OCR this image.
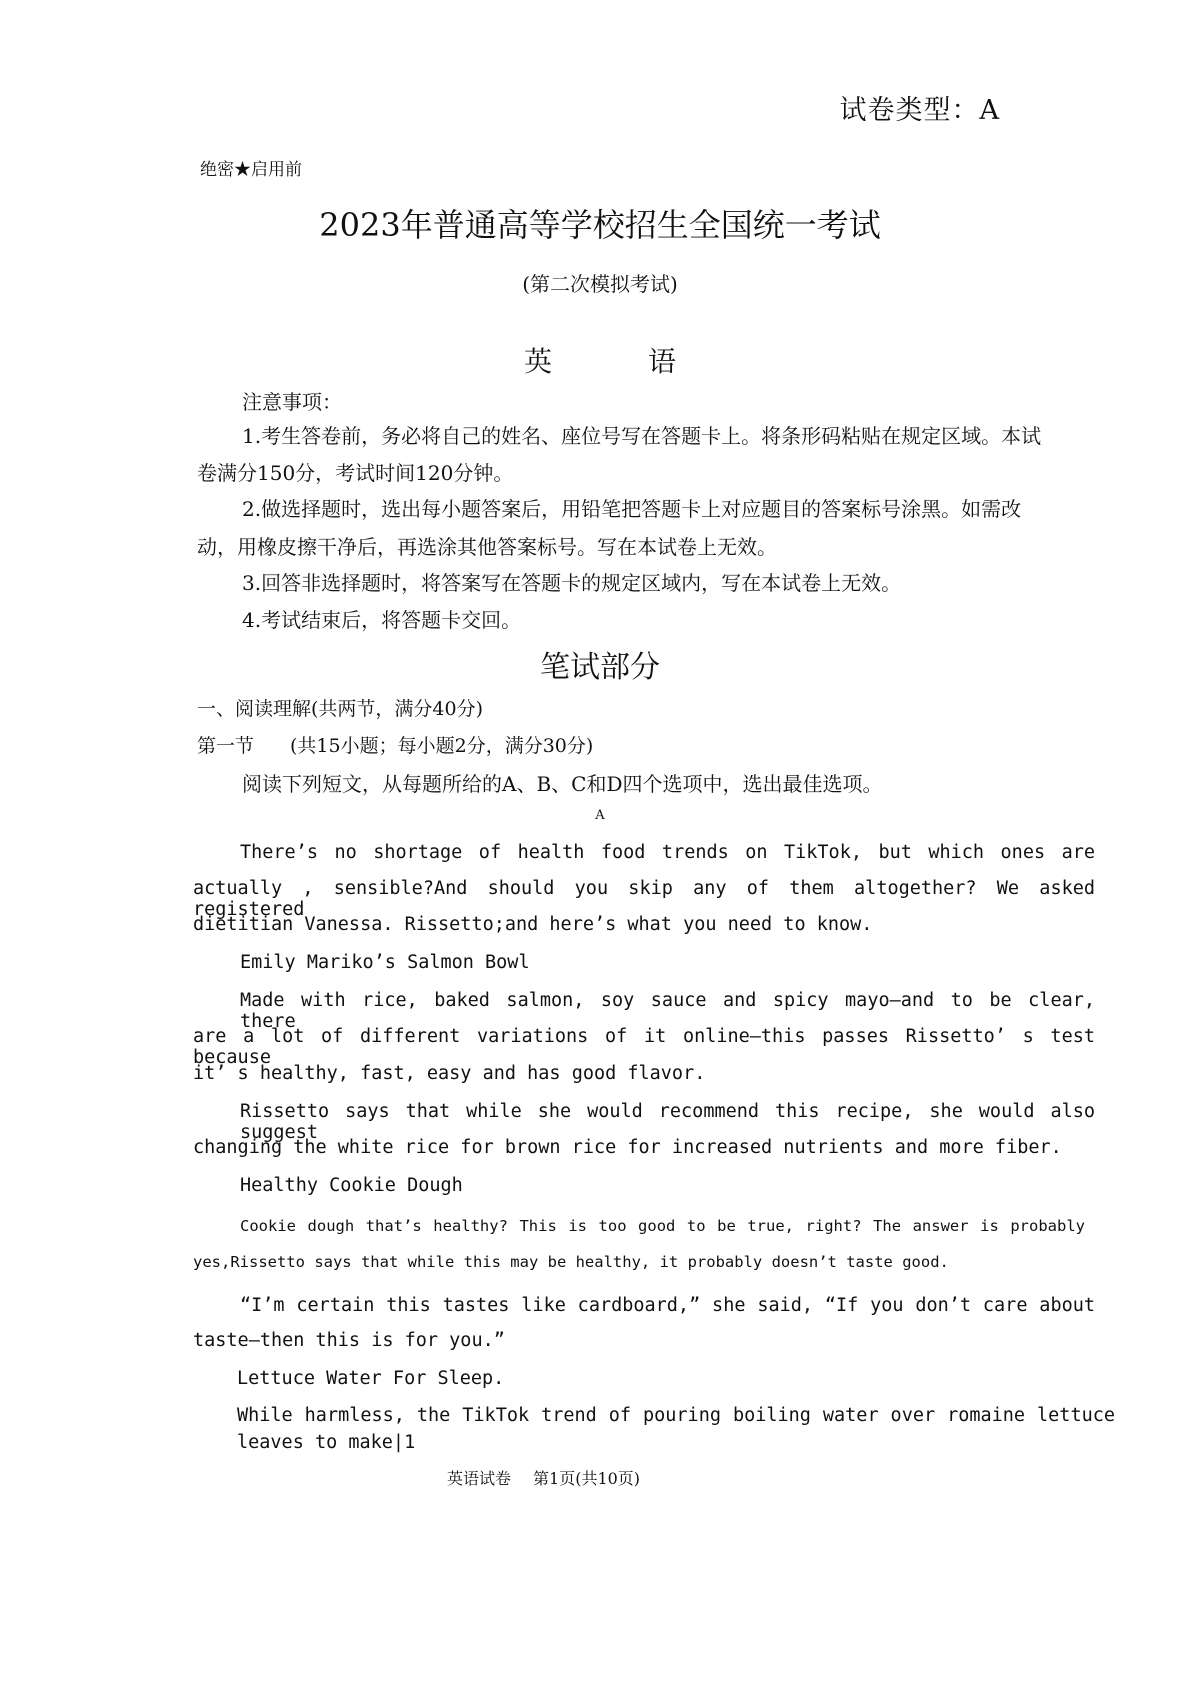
试卷类型：A
绝密★启用前
2023年普通高等学校招生全国统一考试
(第二次模拟考试)
英语
注意事项：
1.考生答卷前，务必将自己的姓名、座位号写在答题卡上。将条形码粘贴在规定区域。本试
卷满分150分，考试时间120分钟。
2.做选择题时，选出每小题答案后，用铅笔把答题卡上对应题目的答案标号涂黑。如需改
动，用橡皮擦干净后，再选涂其他答案标号。写在本试卷上无效。
3.回答非选择题时，将答案写在答题卡的规定区域内，写在本试卷上无效。
4.考试结束后，将答题卡交回。
笔试部分
一、阅读理解(共两节，满分40分)
第一节 (共15小题；每小题2分，满分30分)
阅读下列短文，从每题所给的A、B、C和D四个选项中，选出最佳选项。
A
There’s no shortage of health food trends on TikTok, but which ones are
actually , sensible?And should you skip any of them altogether? We asked registered
dietitian Vanessa. Rissetto;and here’s what you need to know.
Emily Mariko’s Salmon Bowl
Made with rice, baked salmon, soy sauce and spicy mayo—and to be clear, there
are a lot of different variations of it online—this passes Rissetto’ s test because
it’ s healthy, fast, easy and has good flavor.
Rissetto says that while she would recommend this recipe, she would also suggest
changing the white rice for brown rice for increased nutrients and more fiber.
Healthy Cookie Dough
Cookie dough that’s healthy? This is too good to be true, right? The answer is probably
yes,Rissetto says that while this may be healthy, it probably doesn’t taste good.
“I’m certain this tastes like cardboard,” she said, “If you don’t care about
taste—then this is for you.”
Lettuce Water For Sleep.
While harmless, the TikTok trend of pouring boiling water over romaine lettuce
leaves to make|1
英语试卷 第1页(共10页)
